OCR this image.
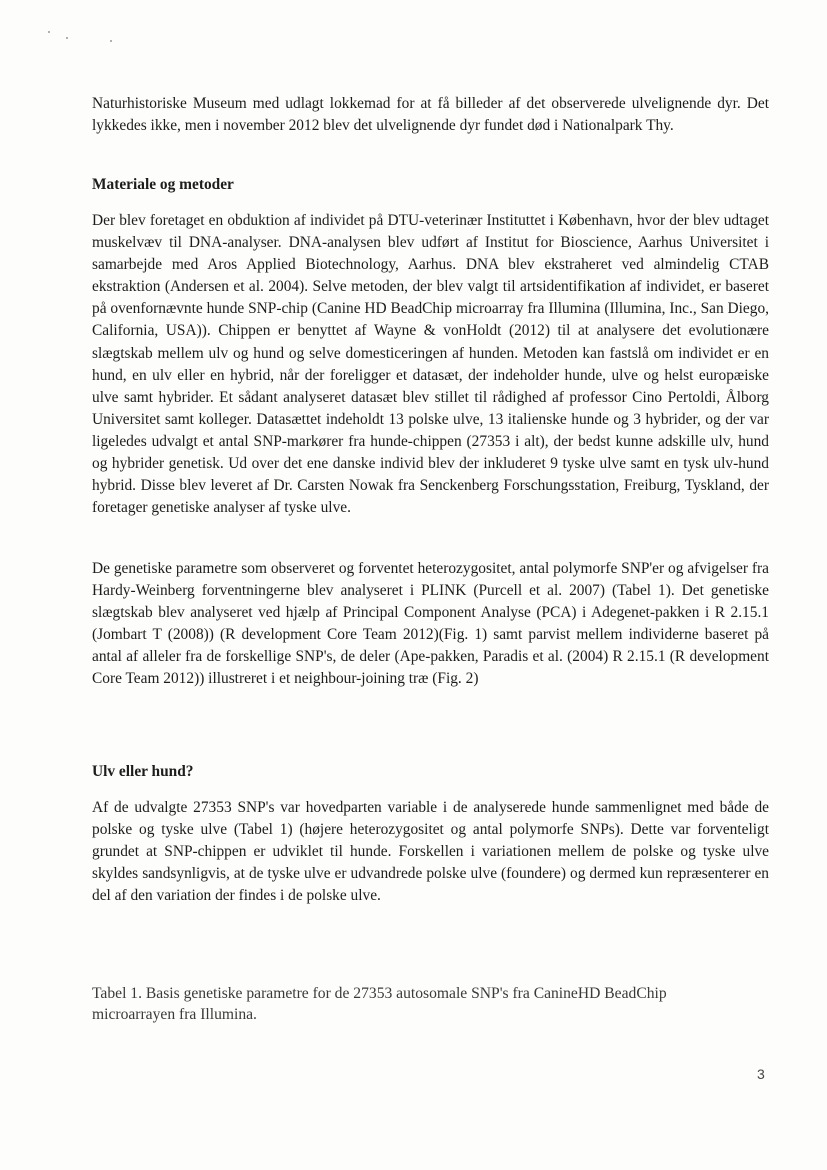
Naturhistoriske Museum med udlagt lokkemad for at få billeder af det observerede ulvelignende dyr. Det lykkedes ikke, men i november 2012 blev det ulvelignende dyr fundet død i Nationalpark Thy.

Materiale og metoder

Der blev foretaget en obduktion af individet på DTU-veterinær Instituttet i København, hvor der blev udtaget muskelvæv til DNA-analyser. DNA-analysen blev udført af Institut for Bioscience, Aarhus Universitet i samarbejde med Aros Applied Biotechnology, Aarhus. DNA blev ekstraheret ved almindelig CTAB ekstraktion (Andersen et al. 2004). Selve metoden, der blev valgt til artsidentifikation af individet, er baseret på ovenfornævnte hunde SNP-chip (Canine HD BeadChip microarray fra Illumina (Illumina, Inc., San Diego, California, USA)). Chippen er benyttet af Wayne & vonHoldt (2012) til at analysere det evolutionære slægtskab mellem ulv og hund og selve domesticeringen af hunden. Metoden kan fastslå om individet er en hund, en ulv eller en hybrid, når der foreligger et datasæt, der indeholder hunde, ulve og helst europæiske ulve samt hybrider. Et sådant analyseret datasæt blev stillet til rådighed af professor Cino Pertoldi, Ålborg Universitet samt kolleger. Datasættet indeholdt 13 polske ulve, 13 italienske hunde og 3 hybrider, og der var ligeledes udvalgt et antal SNP-markører fra hunde-chippen (27353 i alt), der bedst kunne adskille ulv, hund og hybrider genetisk. Ud over det ene danske individ blev der inkluderet 9 tyske ulve samt en tysk ulv-hund hybrid. Disse blev leveret af Dr. Carsten Nowak fra Senckenberg Forschungsstation, Freiburg, Tyskland, der foretager genetiske analyser af tyske ulve.

De genetiske parametre som observeret og forventet heterozygositet, antal polymorfe SNP'er og afvigelser fra Hardy-Weinberg forventningerne blev analyseret i PLINK (Purcell et al. 2007) (Tabel 1). Det genetiske slægtskab blev analyseret ved hjælp af Principal Component Analyse (PCA) i Adegenet-pakken i R 2.15.1 (Jombart T (2008)) (R development Core Team 2012)(Fig. 1) samt parvist mellem individerne baseret på antal af alleler fra de forskellige SNP's, de deler (Ape-pakken, Paradis et al. (2004) R 2.15.1 (R development Core Team 2012)) illustreret i et neighbour-joining træ (Fig. 2)

Ulv eller hund?

Af de udvalgte 27353 SNP's var hovedparten variable i de analyserede hunde sammenlignet med både de polske og tyske ulve (Tabel 1) (højere heterozygositet og antal polymorfe SNPs). Dette var forventeligt grundet at SNP-chippen er udviklet til hunde. Forskellen i variationen mellem de polske og tyske ulve skyldes sandsynligvis, at de tyske ulve er udvandrede polske ulve (foundere) og dermed kun repræsenterer en del af den variation der findes i de polske ulve.

Tabel 1. Basis genetiske parametre for de 27353 autosomale SNP's fra CanineHD BeadChip microarrayen fra Illumina.

3
